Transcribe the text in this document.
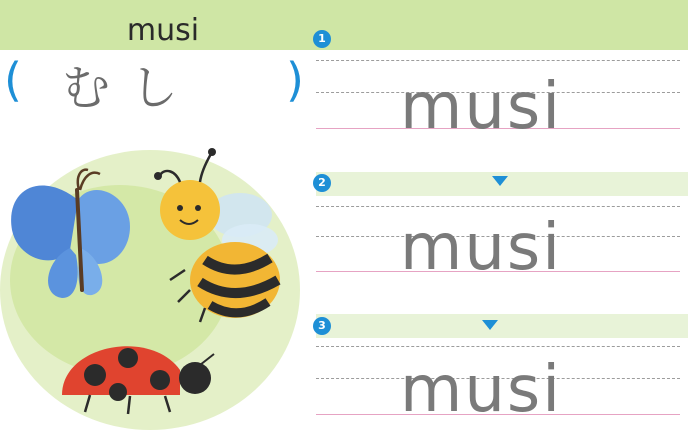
musi
( むし	)
1
musi
2
musi
3
musi
